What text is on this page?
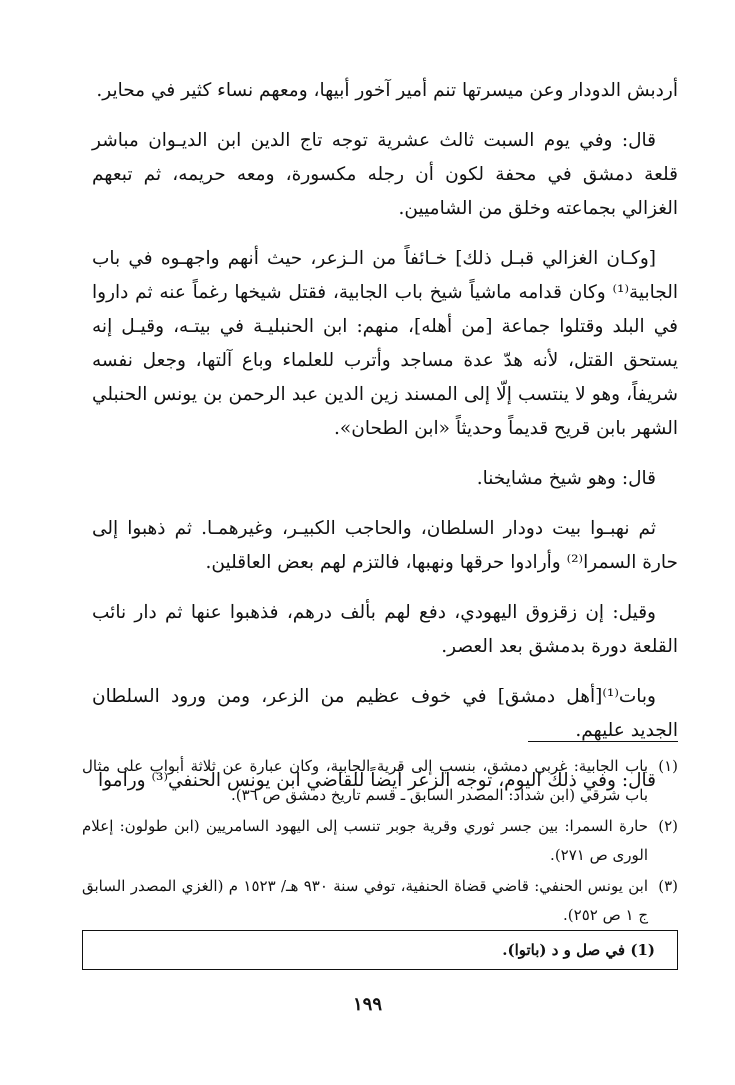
أردبش الدودار وعن ميسرتها تنم أمير آخور أبيها، ومعهم نساء كثير في محاير.

قال: وفي يوم السبت ثالث عشرية توجه تاج الدين ابن الديـوان مباشر قلعة دمشق في محفة لكون أن رجله مكسورة، ومعه حريمه، ثم تبعهم الغزالي بجماعته وخلق من الشاميين.

[وكـان الغزالي قبـل ذلك] خـائفاً من الـزعر، حيث أنهم واجهـوه في باب الجابية⁽¹⁾ وكان قدامه ماشياً شيخ باب الجابية، فقتل شيخها رغماً عنه ثم داروا في البلد وقتلوا جماعة [من أهله]، منهم: ابن الحنبليـة في بيتـه، وقيـل إنه يستحق القتل، لأنه هدّ عدة مساجد وأترب للعلماء وباع آلتها، وجعل نفسه شريفاً، وهو لا ينتسب إلّا إلى المسند زين الدين عبد الرحمن بن يونس الحنبلي الشهر بابن قريح قديماً وحديثاً «ابن الطحان».

قال: وهو شيخ مشايخنا.

ثم نهبـوا بيت دودار السلطان، والحاجب الكبيـر، وغيرهمـا. ثم ذهبوا إلى حارة السمرا⁽²⁾ وأرادوا حرقها ونهبها، فالتزم لهم بعض العاقلين.

وقيل: إن زقزوق اليهودي، دفع لهم بألف درهم، فذهبوا عنها ثم دار نائب القلعة دورة بدمشق بعد العصر.

وبات⁽¹⁾[أهل دمشق] في خوف عظيم من الزعر، ومن ورود السلطان الجديد عليهم.

قال: وفي ذلك اليوم، توجه الزعر أيضاً للقاضي ابن يونس الحنفي⁽³⁾ وراموا

(١)
باب الجابية: غربي دمشق، بنسب إلى قرية الجابية، وكان عبارة عن ثلاثة أبواب على مثال باب شرقي (ابن شداد: المصدر السابق ـ قسم تاريخ دمشق ص ٣٦).

(٢)
حارة السمرا: بين جسر ثوري وقرية جوبر تنسب إلى اليهود السامريين (ابن طولون: إعلام الورى ص ٢٧١).

(٣)
ابن يونس الحنفي: قاضي قضاة الحنفية، توفي سنة ٩٣٠ هـ/ ١٥٢٣ م (الغزي المصدر السابق ج ١ ص ٢٥٢).

(1) في صل و د (باتوا).
١٩٩
